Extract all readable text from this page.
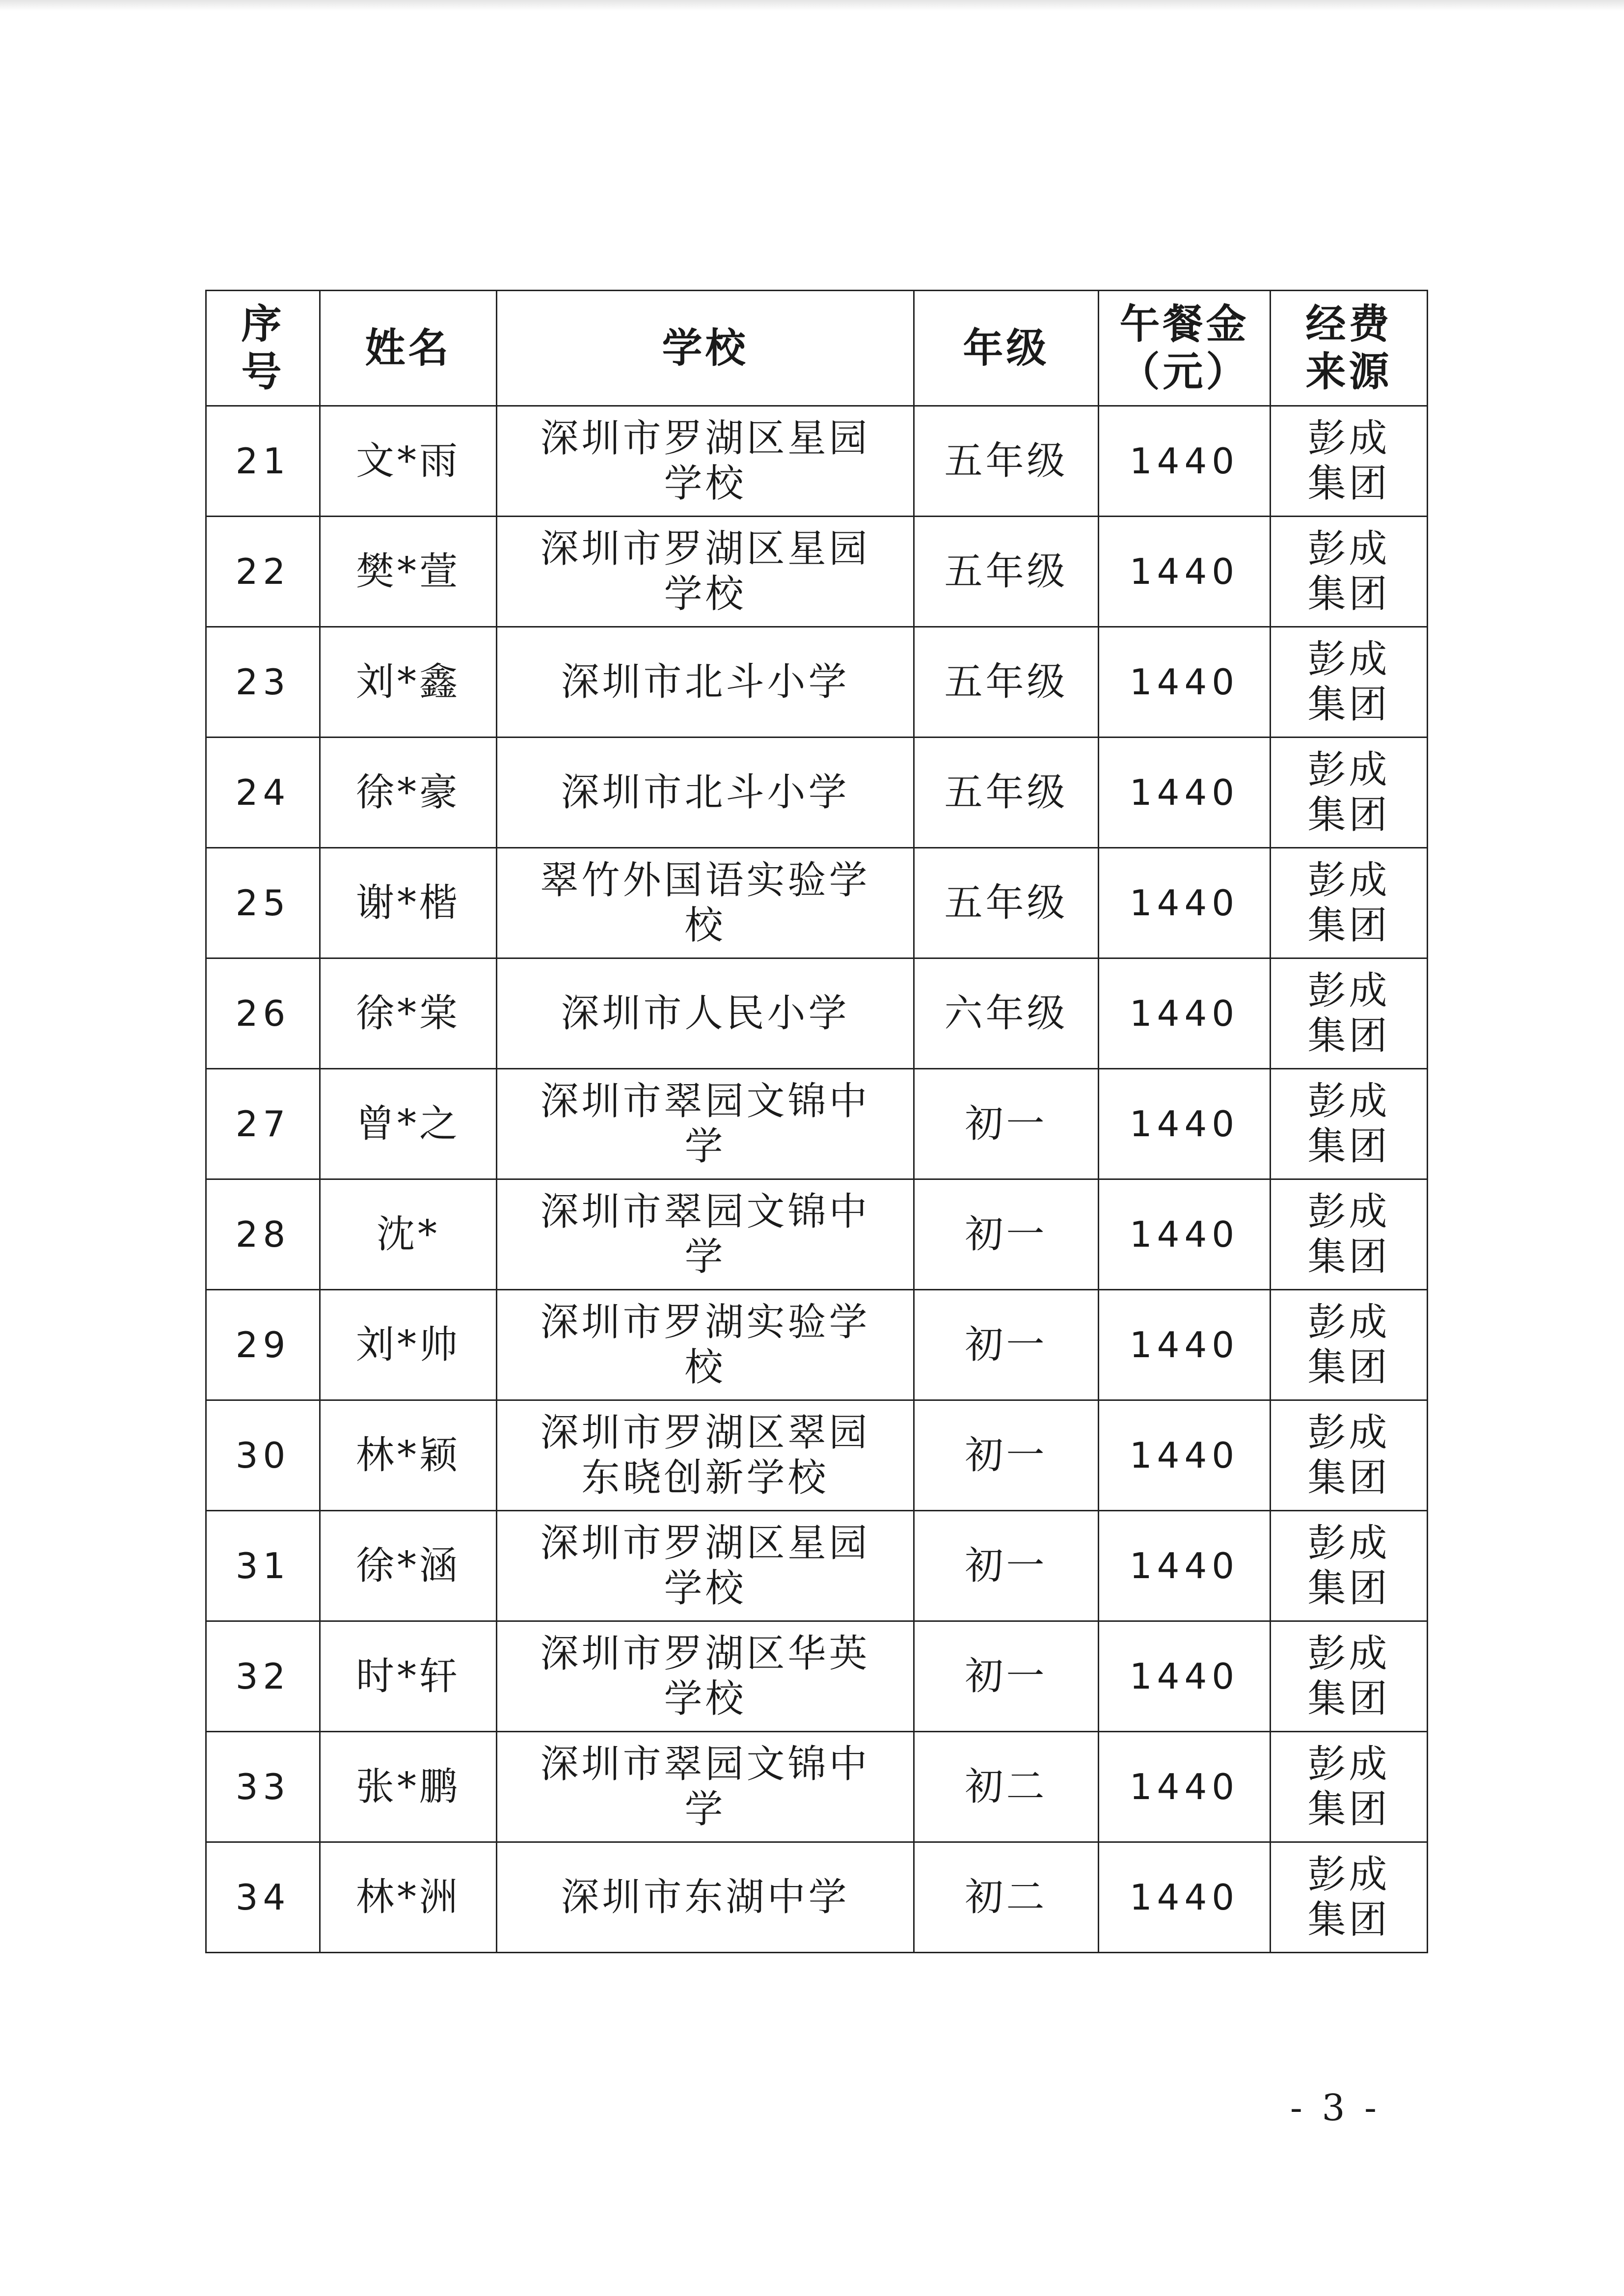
序号	姓名	学校	年级	午餐金（元）	经费来源

21	文*雨	深圳市罗湖区星园学校	五年级	1440	彭成集团

22	樊*萱	深圳市罗湖区星园学校	五年级	1440	彭成集团

23	刘*鑫	深圳市北斗小学	五年级	1440	彭成集团

24	徐*豪	深圳市北斗小学	五年级	1440	彭成集团

25	谢*楷	翠竹外国语实验学校	五年级	1440	彭成集团

26	徐*棠	深圳市人民小学	六年级	1440	彭成集团

27	曾*之	深圳市翠园文锦中学	初一	1440	彭成集团

28	沈*	深圳市翠园文锦中学	初一	1440	彭成集团

29	刘*帅	深圳市罗湖实验学校	初一	1440	彭成集团

30	林*颖	深圳市罗湖区翠园东晓创新学校	初一	1440	彭成集团

31	徐*涵	深圳市罗湖区星园学校	初一	1440	彭成集团

32	时*轩	深圳市罗湖区华英学校	初一	1440	彭成集团

33	张*鹏	深圳市翠园文锦中学	初二	1440	彭成集团

34	林*洲	深圳市东湖中学	初二	1440	彭成集团
- 3 -
